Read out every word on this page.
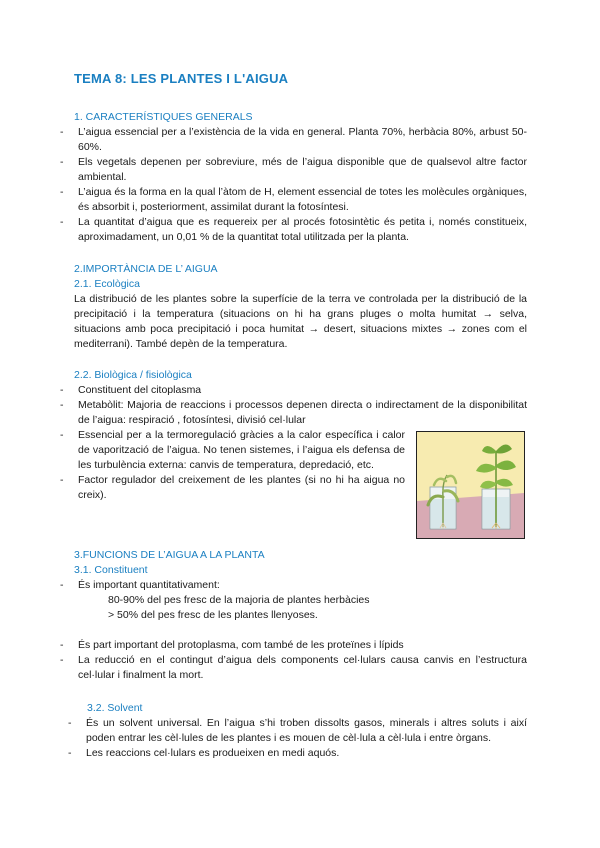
TEMA 8: LES PLANTES I L'AIGUA
1. CARACTERÍSTIQUES GENERALS
- L’aigua essencial per a l’existència de la vida en general. Planta 70%, herbàcia 80%, arbust 50-60%.
- Els vegetals depenen per sobreviure, més de l’aigua disponible que de qualsevol altre factor ambiental.
- L’aigua és la forma en la qual l’àtom de H, element essencial de totes les molècules orgàniques, és absorbit i, posteriorment, assimilat durant la fotosíntesi.
- La quantitat d’aigua que es requereix per al procés fotosintètic és petita i, només constitueix, aproximadament, un 0,01 % de la quantitat total utilitzada per la planta.
2.IMPORTÀNCIA DE L’ AIGUA
2.1. Ecològica
La distribució de les plantes sobre la superfície de la terra ve controlada per la distribució de la precipitació i la temperatura (situacions on hi ha grans pluges o molta humitat → selva, situacions amb poca precipitació i poca humitat → desert, situacions mixtes → zones com el mediterrani). També depèn de la temperatura.
2.2. Biològica / fisiològica
- Constituent del citoplasma
- Metabòlit: Majoria de reaccions i processos depenen directa o indirectament de la disponibilitat de l’aigua: respiració , fotosíntesi, divisió cel·lular
- Essencial per a la termoregulació gràcies a la calor específica i calor de vaporització de l’aigua. No tenen sistemes, i l’aigua els defensa de les turbulència externa: canvis de temperatura, depredació, etc.
- Factor regulador del creixement de les plantes (si no hi ha aigua no creix).
3.FUNCIONS DE L’AIGUA A LA PLANTA
3.1. Constituent
- És important quantitativament:
80-90% del pes fresc de la majoria de plantes herbàcies
> 50% del pes fresc de les plantes llenyoses.
- És part important del protoplasma, com també de les proteïnes i lípids
- La reducció en el contingut d’aigua dels components cel·lulars causa canvis en l’estructura cel·lular i finalment la mort.
3.2. Solvent
- És un solvent universal. En l’aigua s’hi troben dissolts gasos, minerals i altres soluts i així poden entrar les cèl·lules de les plantes i es mouen de cèl·lula a cèl·lula i entre òrgans.
- Les reaccions cel·lulars es produeixen en medi aquós.
